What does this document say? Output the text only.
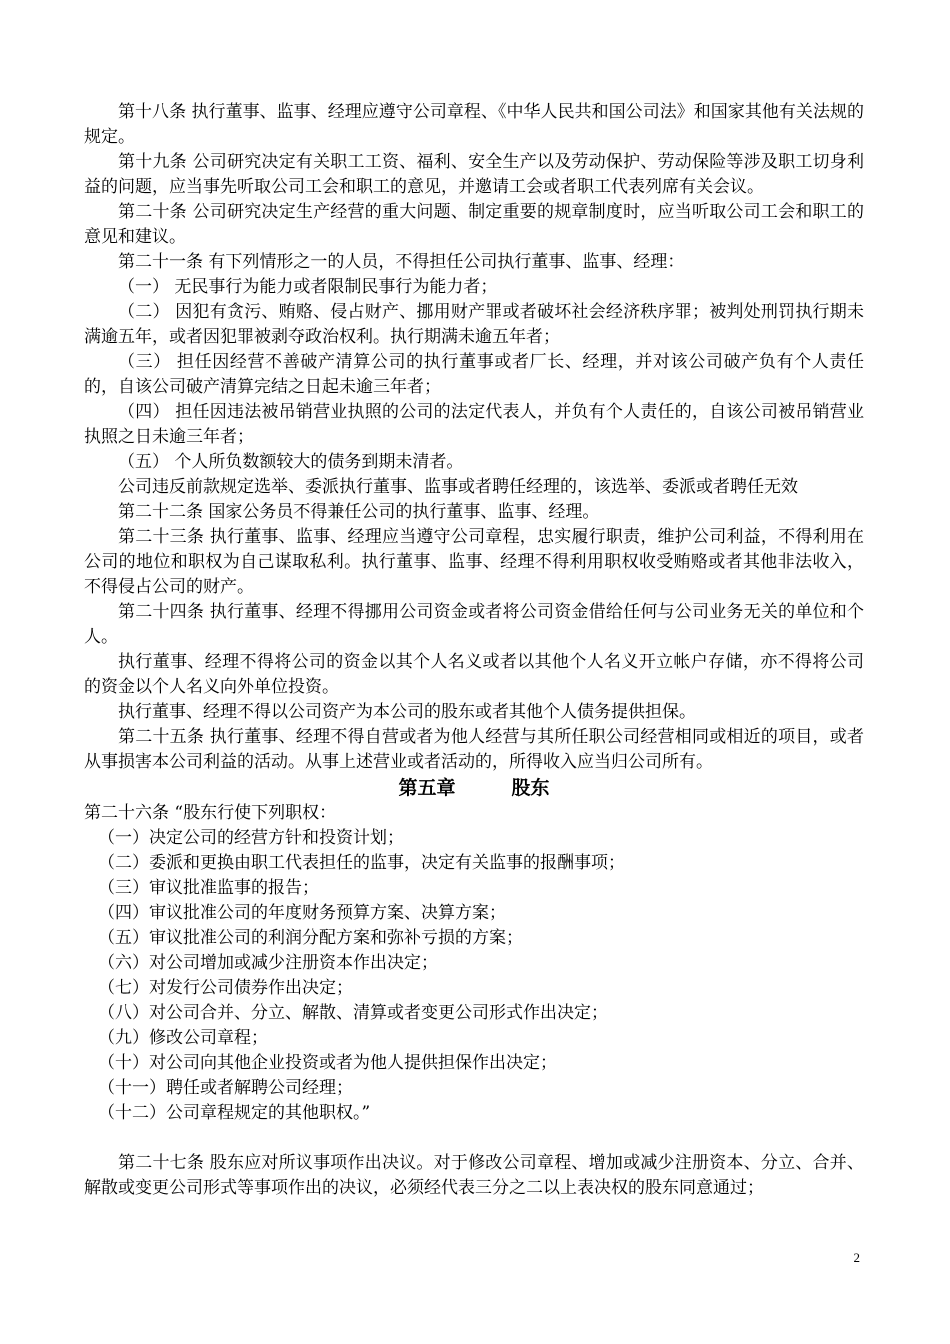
第十八条 执行董事、监事、经理应遵守公司章程、《中华人民共和国公司法》和国家其他有关法规的规定。

第十九条 公司研究决定有关职工工资、福利、安全生产以及劳动保护、劳动保险等涉及职工切身利益的问题，应当事先听取公司工会和职工的意见，并邀请工会或者职工代表列席有关会议。

第二十条 公司研究决定生产经营的重大问题、制定重要的规章制度时，应当听取公司工会和职工的意见和建议。

第二十一条 有下列情形之一的人员，不得担任公司执行董事、监事、经理：

（一） 无民事行为能力或者限制民事行为能力者；

（二） 因犯有贪污、贿赂、侵占财产、挪用财产罪或者破坏社会经济秩序罪；被判处刑罚执行期未满逾五年，或者因犯罪被剥夺政治权利。执行期满未逾五年者；

（三） 担任因经营不善破产清算公司的执行董事或者厂长、经理，并对该公司破产负有个人责任的，自该公司破产清算完结之日起未逾三年者；

（四） 担任因违法被吊销营业执照的公司的法定代表人，并负有个人责任的，自该公司被吊销营业执照之日未逾三年者；

（五） 个人所负数额较大的债务到期未清者。

公司违反前款规定选举、委派执行董事、监事或者聘任经理的，该选举、委派或者聘任无效

第二十二条 国家公务员不得兼任公司的执行董事、监事、经理。

第二十三条 执行董事、监事、经理应当遵守公司章程，忠实履行职责，维护公司利益，不得利用在公司的地位和职权为自己谋取私利。执行董事、监事、经理不得利用职权收受贿赂或者其他非法收入，不得侵占公司的财产。

第二十四条 执行董事、经理不得挪用公司资金或者将公司资金借给任何与公司业务无关的单位和个人。

执行董事、经理不得将公司的资金以其个人名义或者以其他个人名义开立帐户存储，亦不得将公司的资金以个人名义向外单位投资。

执行董事、经理不得以公司资产为本公司的股东或者其他个人债务提供担保。

第二十五条 执行董事、经理不得自营或者为他人经营与其所任职公司经营相同或相近的项目，或者从事损害本公司利益的活动。从事上述营业或者活动的，所得收入应当归公司所有。

第五章	股东

第二十六条 “股东行使下列职权：

（一）决定公司的经营方针和投资计划；
（二）委派和更换由职工代表担任的监事，决定有关监事的报酬事项；
（三）审议批准监事的报告；
（四）审议批准公司的年度财务预算方案、决算方案；
（五）审议批准公司的利润分配方案和弥补亏损的方案；
（六）对公司增加或减少注册资本作出决定；
（七）对发行公司债券作出决定；
（八）对公司合并、分立、解散、清算或者变更公司形式作出决定；
（九）修改公司章程；
（十）对公司向其他企业投资或者为他人提供担保作出决定；
（十一）聘任或者解聘公司经理；
（十二）公司章程规定的其他职权。”

第二十七条 股东应对所议事项作出决议。对于修改公司章程、增加或减少注册资本、分立、合并、解散或变更公司形式等事项作出的决议，必须经代表三分之二以上表决权的股东同意通过；

2
